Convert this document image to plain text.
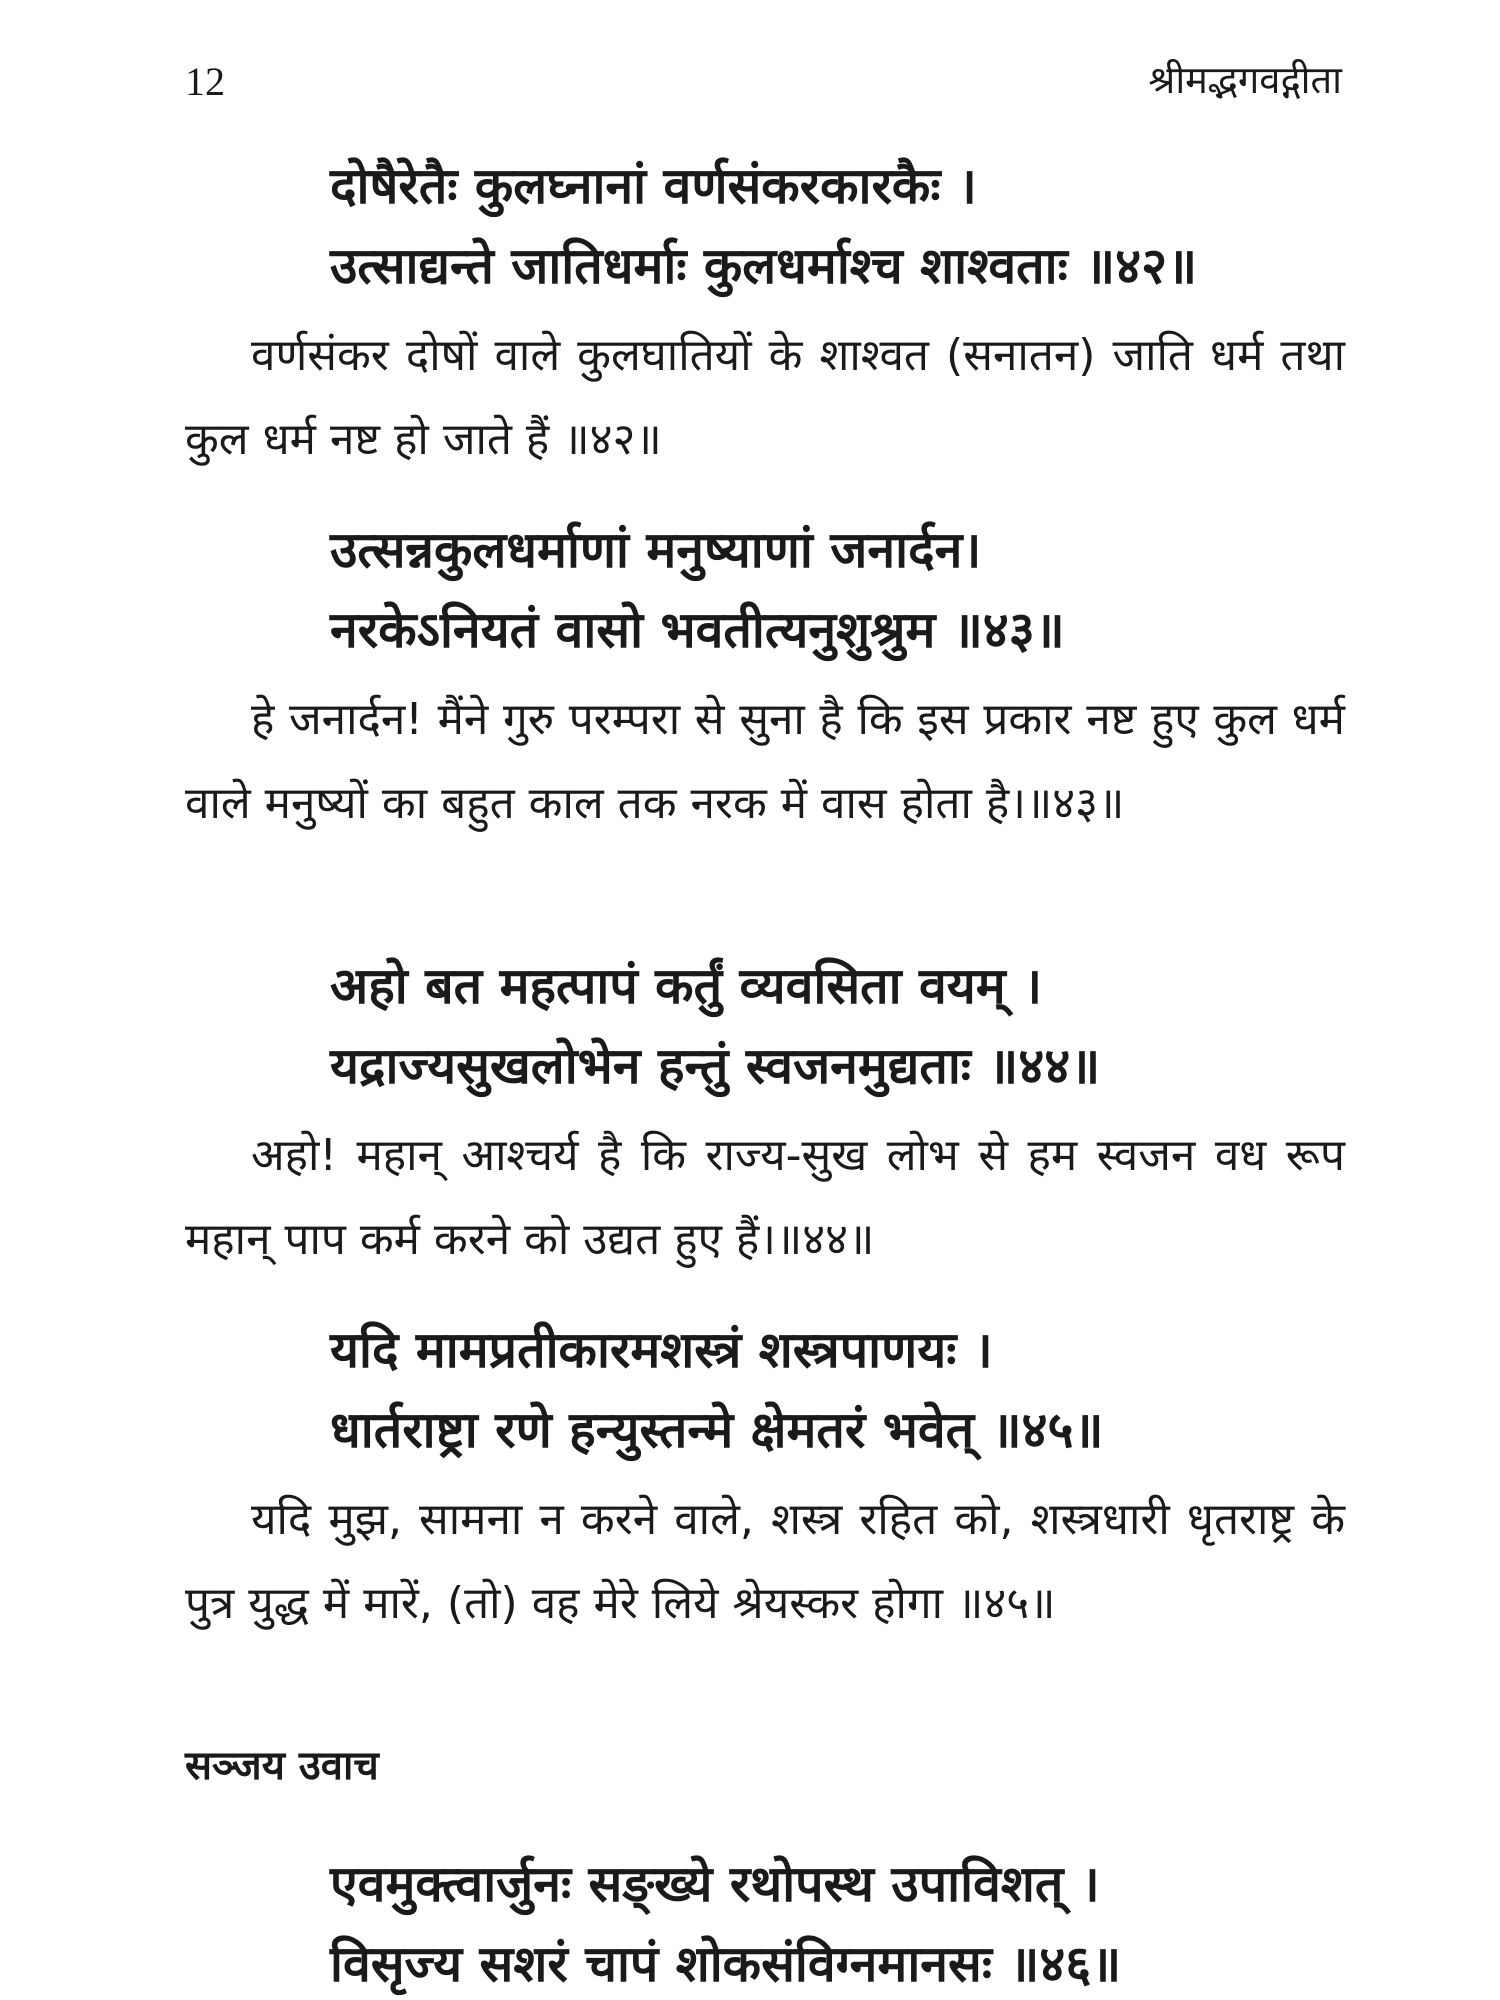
12	श्रीमद्भगवद्गीता
दोषैरेतैः कुलघ्नानां वर्णसंकरकारकैः ।
उत्साद्यन्ते जातिधर्माः कुलधर्माश्च शाश्वताः ॥४२॥
वर्णसंकर दोषों वाले कुलघातियों के शाश्वत (सनातन) जाति धर्म तथा कुल धर्म नष्ट हो जाते हैं ॥४२॥
उत्सन्नकुलधर्माणां मनुष्याणां जनार्दन।
नरकेऽनियतं वासो भवतीत्यनुशुश्रुम ॥४३॥
हे जनार्दन! मैंने गुरु परम्परा से सुना है कि इस प्रकार नष्ट हुए कुल धर्म वाले मनुष्यों का बहुत काल तक नरक में वास होता है।॥४३॥
अहो बत महत्पापं कर्तुं व्यवसिता वयम् ।
यद्राज्यसुखलोभेन हन्तुं स्वजनमुद्यताः ॥४४॥
अहो! महान् आश्चर्य है कि राज्य-सुख लोभ से हम स्वजन वध रूप महान् पाप कर्म करने को उद्यत हुए हैं।॥४४॥
यदि मामप्रतीकारमशस्त्रं शस्त्रपाणयः ।
धार्तराष्ट्रा रणे हन्युस्तन्मे क्षेमतरं भवेत् ॥४५॥
यदि मुझ, सामना न करने वाले, शस्त्र रहित को, शस्त्रधारी धृतराष्ट्र के पुत्र युद्ध में मारें, (तो) वह मेरे लिये श्रेयस्कर होगा ॥४५॥
सञ्जय उवाच
एवमुक्त्वार्जुनः सङ्ख्ये रथोपस्थ उपाविशत् ।
विसृज्य सशरं चापं शोकसंविग्नमानसः ॥४६॥
